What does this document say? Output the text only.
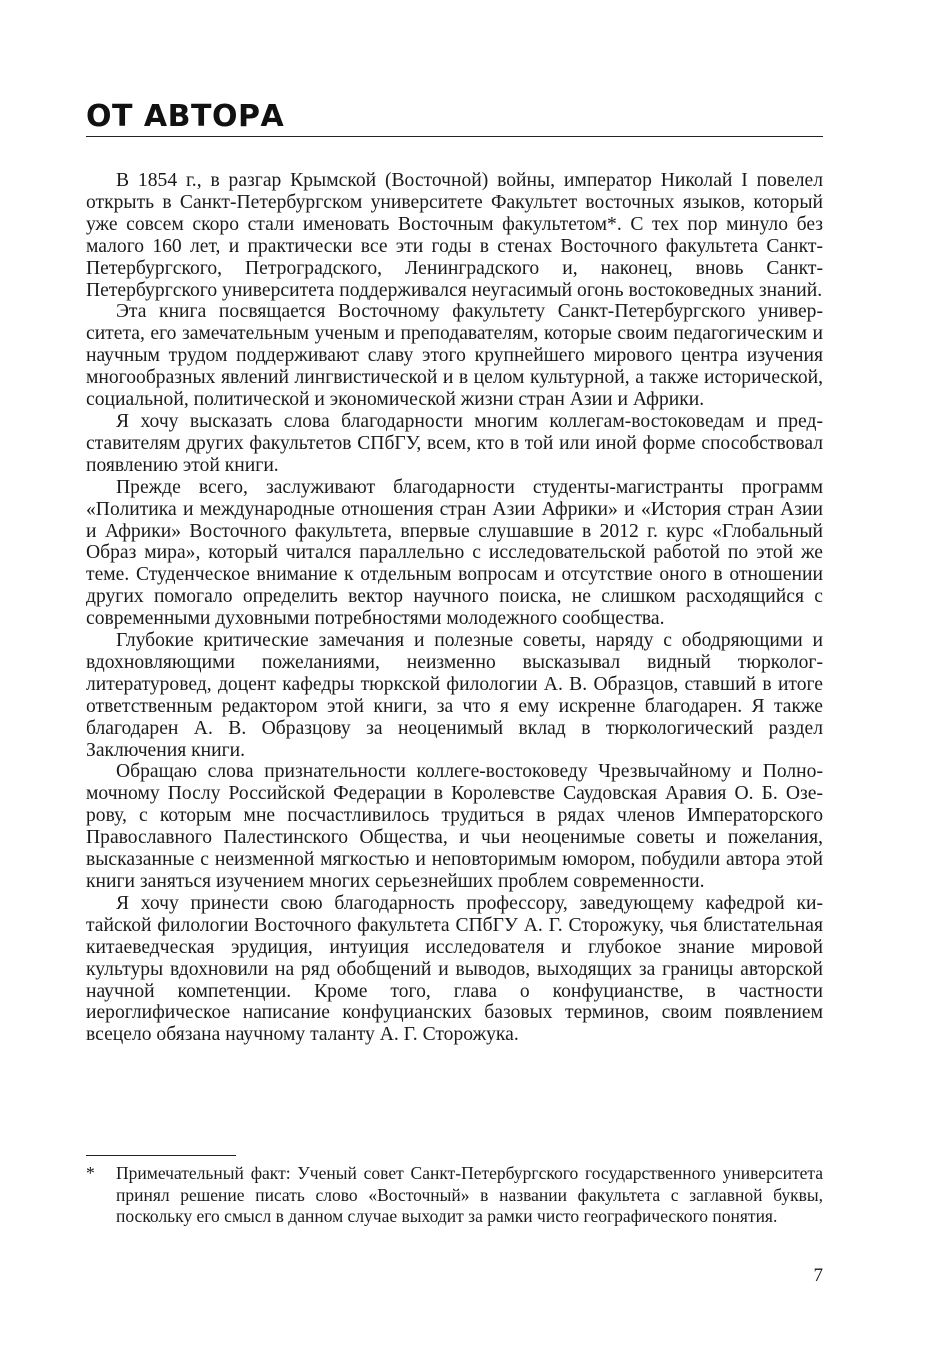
ОТ АВТОРА

В 1854 г., в разгар Крымской (Восточной) войны, император Николай I повелел открыть в Санкт-Петербургском университете Факультет восточных языков, который уже совсем скоро стали именовать Восточным факультетом*. С тех пор минуло без малого 160 лет, и практически все эти годы в стенах Восточного факультета Санкт-Петербургского, Петроградского, Ленинградского и, наконец, вновь Санкт-Петербургского университета поддерживался неугасимый огонь востоковедных знаний.

Эта книга посвящается Восточному факультету Санкт-Петербургского университета, его замечательным ученым и преподавателям, которые своим педагогическим и научным трудом поддерживают славу этого крупнейшего мирового центра изучения многообразных явлений лингвистической и в целом культурной, а также исторической, социальной, политической и экономической жизни стран Азии и Африки.

Я хочу высказать слова благодарности многим коллегам-востоковедам и представителям других факультетов СПбГУ, всем, кто в той или иной форме способствовал появлению этой книги.

Прежде всего, заслуживают благодарности студенты-магистранты программ «Политика и международные отношения стран Азии Африки» и «История стран Азии и Африки» Восточного факультета, впервые слушавшие в 2012 г. курс «Глобальный Образ мира», который читался параллельно с исследовательской работой по этой же теме. Студенческое внимание к отдельным вопросам и отсутствие оного в отношении других помогало определить вектор научного поиска, не слишком расходящийся с современными духовными потребностями молодежного сообщества.

Глубокие критические замечания и полезные советы, наряду с ободряющими и вдохновляющими пожеланиями, неизменно высказывал видный тюрколог-литературовед, доцент кафедры тюркской филологии А. В. Образцов, ставший в итоге ответственным редактором этой книги, за что я ему искренне благодарен. Я также благодарен А. В. Образцову за неоценимый вклад в тюркологический раздел Заключения книги.

Обращаю слова признательности коллеге-востоковеду Чрезвычайному и Полномочному Послу Российской Федерации в Королевстве Саудовская Аравия О. Б. Озерову, с которым мне посчастливилось трудиться в рядах членов Императорского Православного Палестинского Общества, и чьи неоценимые советы и пожелания, высказанные с неизменной мягкостью и неповторимым юмором, побудили автора этой книги заняться изучением многих серьезнейших проблем современности.

Я хочу принести свою благодарность профессору, заведующему кафедрой китайской филологии Восточного факультета СПбГУ А. Г. Сторожуку, чья блистательная китаеведческая эрудиция, интуиция исследователя и глубокое знание мировой культуры вдохновили на ряд обобщений и выводов, выходящих за границы авторской научной компетенции. Кроме того, глава о конфуцианстве, в частности иероглифическое написание конфуцианских базовых терминов, своим появлением всецело обязана научному таланту А. Г. Сторожука.

*	Примечательный факт: Ученый совет Санкт-Петербургского государственного университета принял решение писать слово «Восточный» в названии факультета с заглавной буквы, поскольку его смысл в данном случае выходит за рамки чисто географического понятия.
7
